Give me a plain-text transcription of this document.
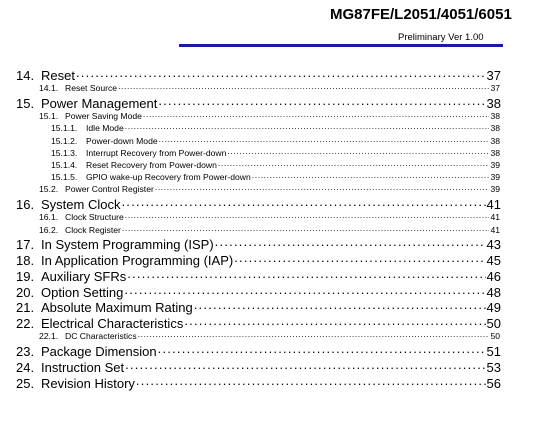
MG87FE/L2051/4051/6051
Preliminary Ver 1.00
14. Reset . . .	37
14.1. Reset Source . . .	37
15. Power Management . . .	38
15.1. Power Saving Mode . . .	38
15.1.1.	Idle Mode . . .	38
15.1.2.	Power-down Mode . . .	38
15.1.3.	Interrupt Recovery from Power-down . . .	38
15.1.4.	Reset Recovery from Power-down . . .	39
15.1.5.	GPIO wake-up Recovery from Power-down . . .	39
15.2. Power Control Register . . .	39
16. System Clock . . .	41
16.1. Clock Structure . . .	41
16.2. Clock Register . . .	41
17. In System Programming (ISP) . . .	43
18. In Application Programming (IAP) . . .	45
19. Auxiliary SFRs . . .	46
20. Option Setting . . .	48
21. Absolute Maximum Rating . . .	49
22. Electrical Characteristics . . .	50
22.1. DC Characteristics . . .	50
23. Package Dimension . . .	51
24. Instruction Set . . .	53
25. Revision History . . .	56
